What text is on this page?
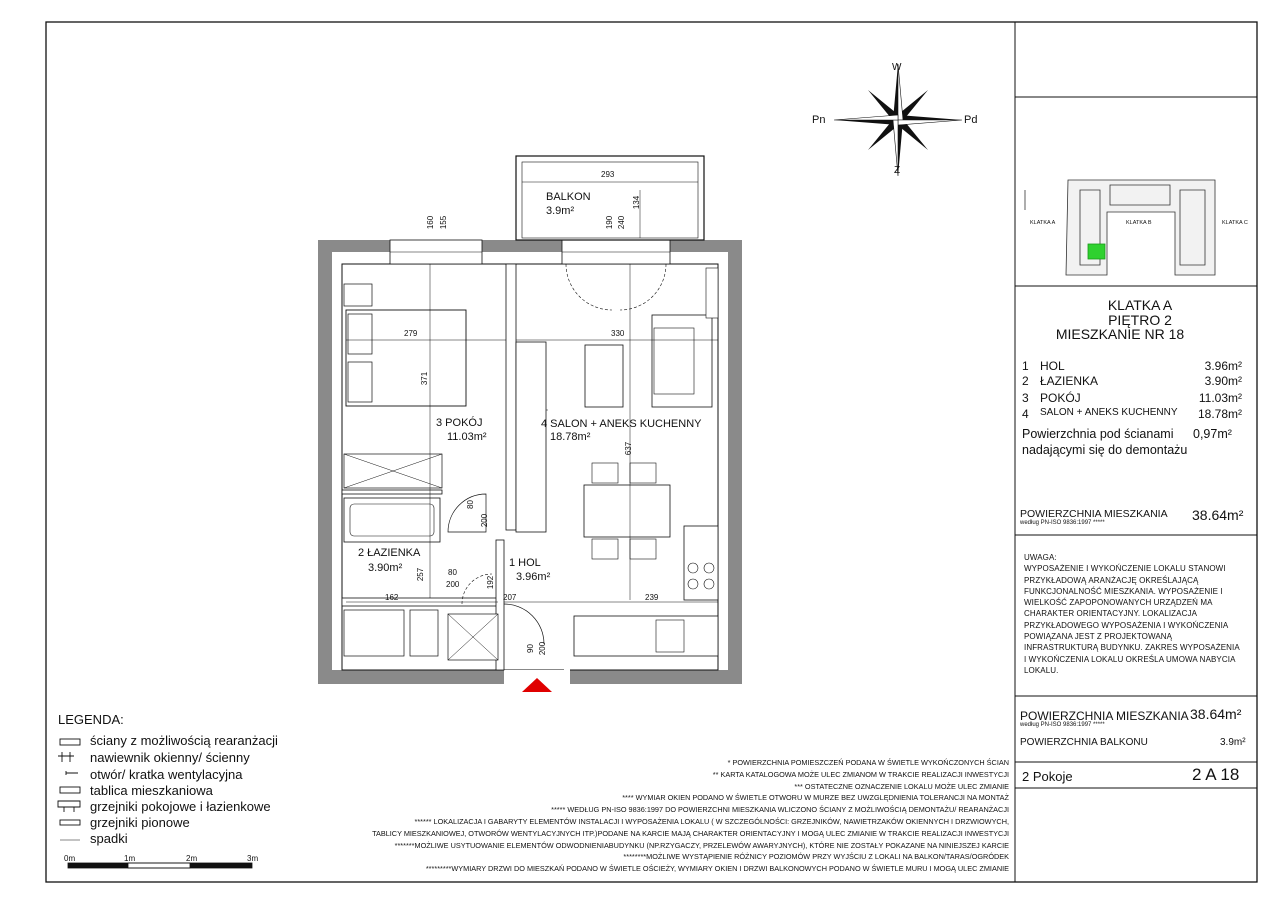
W
Z
Pn	Pd
KLATKA A	KLATKA B	KLATKA C
BALKON
3.9m²
3 POKÓJ
11.03m²
4 SALON + ANEKS KUCHENNY
18.78m²
2 ŁAZIENKA
3.90m²	1 HOL
3.96m²
293
134
190 240
160 155
279
371
330
637
80
200
80
200
257
162	207	239
90 200
192
KLATKA A
PIĘTRO 2
MIESZKANIE NR 18
1 HOL	3.96m²
2 ŁAZIENKA	3.90m²
3 POKÓJ	11.03m²
4 SALON + ANEKS KUCHENNY 18.78m²
Powierzchnia pod ścianami 0,97m²
nadającymi się do demontażu
POWIERZCHNIA MIESZKANIA
według PN-ISO 9836:1997 *****	38.64m²
UWAGA:
WYPOSAŻENIE I WYKOŃCZENIE LOKALU STANOWI
PRZYKŁADOWĄ ARANŻACJĘ OKREŚLAJĄCĄ
FUNKCJONALNOŚĆ MIESZKANIA. WYPOSAŻENIE I
WIELKOŚĆ ZAPOPONOWANYCH URZĄDZEŃ MA
CHARAKTER ORIENTACYJNY. LOKALIZACJA
PRZYKŁADOWEGO WYPOSAŻENIA I WYKOŃCZENIA
POWIĄZANA JEST Z PROJEKTOWANĄ
INFRASTRUKTURĄ BUDYNKU. ZAKRES WYPOSAŻENIA
I WYKOŃCZENIA LOKALU OKREŚLA UMOWA NABYCIA
LOKALU.
POWIERZCHNIA MIESZKANIA
według PN-ISO 9836:1997 *****
38.64m²
POWIERZCHNIA BALKONU	3.9m²
2 Pokoje	2 A 18
LEGENDA:
ściany z możliwością rearanżacji
nawiewnik okienny/ ścienny
otwór/ kratka wentylacyjna
tablica mieszkaniowa
grzejniki pokojowe i łazienkowe
grzejniki pionowe
spadki
0m	1m	2m	3m
* POWIERZCHNIA POMIESZCZEŃ PODANA W ŚWIETLE WYKOŃCZONYCH ŚCIAN
** KARTA KATALOGOWA MOŻE ULEC ZMIANOM W TRAKCIE REALIZACJI INWESTYCJI
*** OSTATECZNE OZNACZENIE LOKALU MOŻE ULEC ZMIANIE
**** WYMIAR OKIEN PODANO W ŚWIETLE OTWORU W MURZE BEZ UWZGLĘDNIENIA TOLERANCJI NA MONTAŻ
***** WEDŁUG PN-ISO 9836:1997 DO POWIERZCHNI MIESZKANIA WLICZONO ŚCIANY Z MOŻLIWOŚCIĄ DEMONTAŻU/ REARANŻACJI
****** LOKALIZACJA I GABARYTY ELEMENTÓW INSTALACJI I WYPOSAŻENIA LOKALU ( W SZCZEGÓLNOŚCI: GRZEJNIKÓW, NAWIETRZAKÓW OKIENNYCH I DRZWIOWYCH,
TABLICY MIESZKANIOWEJ, OTWORÓW WENTYLACYJNYCH ITP.)PODANE NA KARCIE MAJĄ CHARAKTER ORIENTACYJNY I MOGĄ ULEC ZMIANIE W TRAKCIE REALIZACJI INWESTYCJI
*******MOŻLIWE USYTUOWANIE ELEMENTÓW ODWODNIENIABUDYNKU (NP.RZYGACZY, PRZELEWÓW AWARYJNYCH), KTÓRE NIE ZOSTAŁY POKAZANE NA NINIEJSZEJ KARCIE
********MOŻLIWE WYSTĄPIENIE RÓŻNICY POZIOMÓW PRZY WYJŚCIU Z LOKALI NA BALKON/TARAS/OGRÓDEK
*********WYMIARY DRZWI DO MIESZKAŃ PODANO W ŚWIETLE OŚCIEŻY, WYMIARY OKIEN I DRZWI BALKONOWYCH PODANO W ŚWIETLE MURU I MOGĄ ULEC ZMIANIE
